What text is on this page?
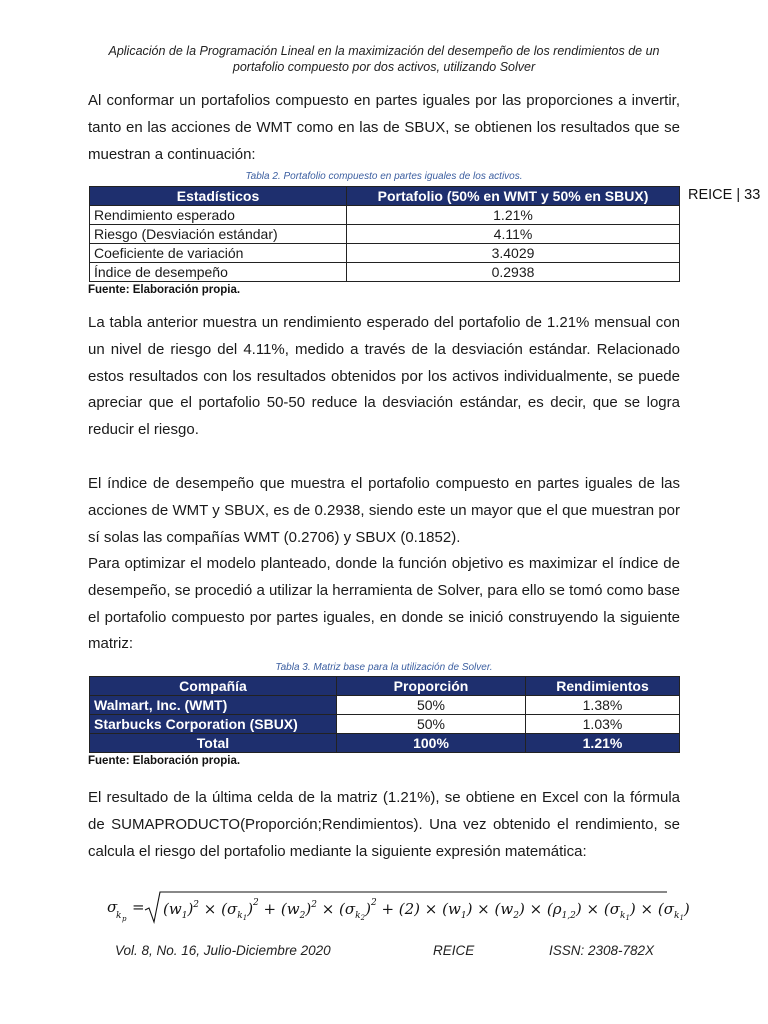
Aplicación de la Programación Lineal en la maximización del desempeño de los rendimientos de un
portafolio compuesto por dos activos, utilizando Solver
Al conformar un portafolios compuesto en partes iguales por las proporciones a invertir, tanto en las acciones de WMT como en las de SBUX, se obtienen los resultados que se muestran a continuación:
Tabla 2. Portafolio compuesto en partes iguales de los activos.
Estadísticos	Portafolio (50% en WMT y 50% en SBUX)
Rendimiento esperado	1.21%
Riesgo (Desviación estándar)	4.11%
Coeficiente de variación	3.4029
Índice de desempeño	0.2938
REICE | 33
Fuente: Elaboración propia.
La tabla anterior muestra un rendimiento esperado del portafolio de 1.21% mensual con un nivel de riesgo del 4.11%, medido a través de la desviación estándar. Relacionado estos resultados con los resultados obtenidos por los activos individualmente, se puede apreciar que el portafolio 50-50 reduce la desviación estándar, es decir, que se logra reducir el riesgo.
El índice de desempeño que muestra el portafolio compuesto en partes iguales de las acciones de WMT y SBUX, es de 0.2938, siendo este un mayor que el que muestran por sí solas las compañías WMT (0.2706) y SBUX (0.1852).
Para optimizar el modelo planteado, donde la función objetivo es maximizar el índice de desempeño, se procedió a utilizar la herramienta de Solver, para ello se tomó como base el portafolio compuesto por partes iguales, en donde se inició construyendo la siguiente matriz:
Tabla 3. Matriz base para la utilización de Solver.
Compañía	Proporción	Rendimientos
Walmart, Inc. (WMT)	50%	1.38%
Starbucks Corporation (SBUX)	50%	1.03%
Total	100%	1.21%
Fuente: Elaboración propia.
El resultado de la última celda de la matriz (1.21%), se obtiene en Excel con la fórmula de SUMAPRODUCTO(Proporción;Rendimientos). Una vez obtenido el rendimiento, se calcula el riesgo del portafolio mediante la siguiente expresión matemática:
σ
k p
= $(w_1)^2 \times (\sigma_k1)^2 + (w_2)^2 \times (\sigma_k2)^2 + (2) \times (w_1) \times (w_2) \times (\rho_{1,2}) \times (\sigma_k1) \times (\sigma_k1)$
Vol. 8, No. 16, Julio-Diciembre 2020	REICE	ISSN: 2308-782X
